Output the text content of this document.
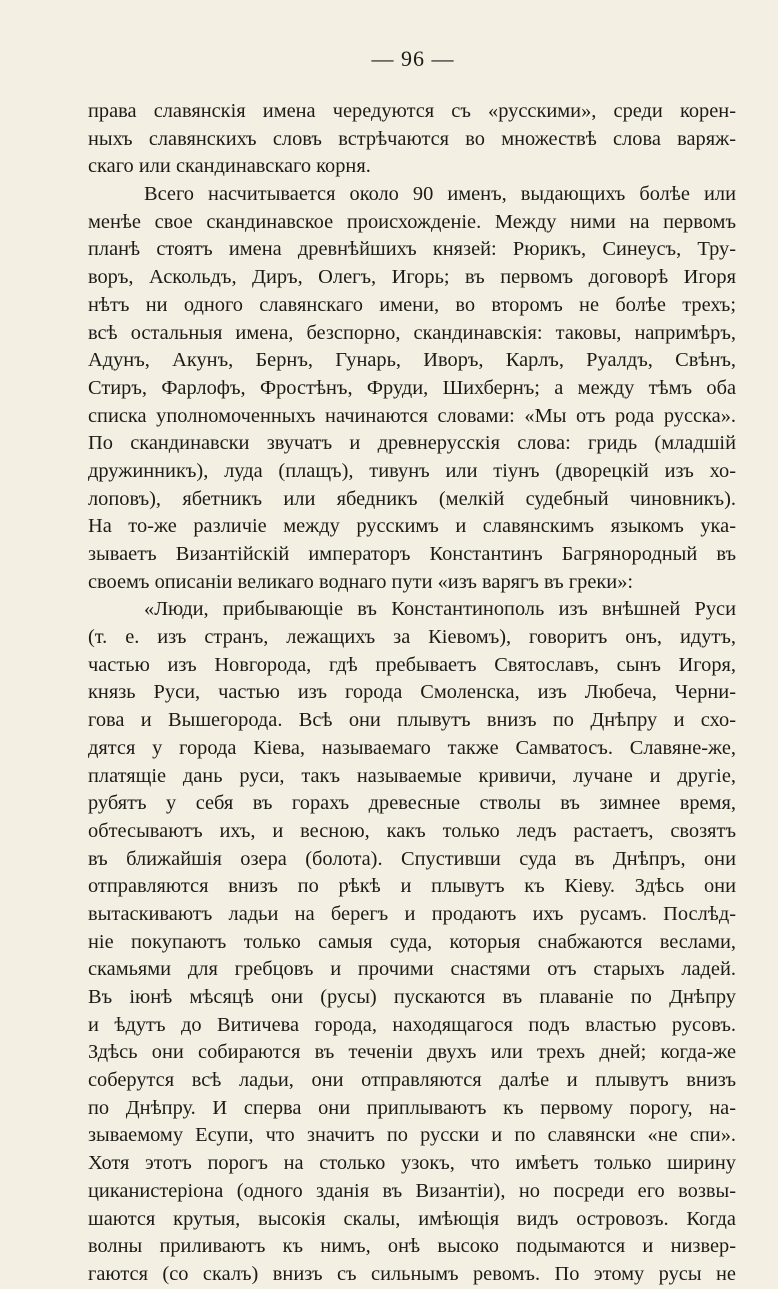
— 96 —
права славянскія имена чередуются съ «русскими», среди корен-
ныхъ славянскихъ словъ встрѣчаются во множествѣ слова варяж-
скаго или скандинавскаго корня.
Всего насчитывается около 90 именъ, выдающихъ болѣе или
менѣе свое скандинавское происхожденіе. Между ними на первомъ
планѣ стоятъ имена древнѣйшихъ князей: Рюрикъ, Синеусъ, Тру-
воръ, Аскольдъ, Диръ, Олегъ, Игорь; въ первомъ договорѣ Игоря
нѣтъ ни одного славянскаго имени, во второмъ не болѣе трехъ;
всѣ остальныя имена, безспорно, скандинавскія: таковы, напримѣръ,
Адунъ, Акунъ, Бернъ, Гунарь, Иворъ, Карлъ, Руалдъ, Свѣнъ,
Стиръ, Фарлофъ, Фростѣнъ, Фруди, Шихбернъ; а между тѣмъ оба
списка уполномоченныхъ начинаются словами: «Мы отъ рода русска».
По скандинавски звучатъ и древнерусскія слова: гридь (младшій
дружинникъ), луда (плащъ), тивунъ или тіунъ (дворецкій изъ хо-
лоповъ), ябетникъ или ябедникъ (мелкій судебный чиновникъ).
На то-же различіе между русскимъ и славянскимъ языкомъ ука-
зываетъ Византійскій императоръ Константинъ Багрянородный въ
своемъ описаніи великаго воднаго пути «изъ варягъ въ греки»:
«Люди, прибывающіе въ Константинополь изъ внѣшней Руси
(т. е. изъ странъ, лежащихъ за Кіевомъ), говоритъ онъ, идутъ,
частью изъ Новгорода, гдѣ пребываетъ Святославъ, сынъ Игоря,
князь Руси, частью изъ города Смоленска, изъ Любеча, Черни-
гова и Вышегорода. Всѣ они плывутъ внизъ по Днѣпру и схо-
дятся у города Кіева, называемаго также Самватосъ. Славяне-же,
платящіе дань руси, такъ называемые кривичи, лучане и другіе,
рубятъ у себя въ горахъ древесные стволы въ зимнее время,
обтесываютъ ихъ, и весною, какъ только ледъ растаетъ, свозятъ
въ ближайшія озера (болота). Спустивши суда въ Днѣпръ, они
отправляются внизъ по рѣкѣ и плывутъ къ Кіеву. Здѣсь они
вытаскиваютъ ладьи на берегъ и продаютъ ихъ русамъ. Послѣд-
ніе покупаютъ только самыя суда, которыя снабжаются веслами,
скамьями для гребцовъ и прочими снастями отъ старыхъ ладей.
Въ іюнѣ мѣсяцѣ они (русы) пускаются въ плаваніе по Днѣпру
и ѣдутъ до Витичева города, находящагося подъ властью русовъ.
Здѣсь они собираются въ теченіи двухъ или трехъ дней; когда-же
соберутся всѣ ладьи, они отправляются далѣе и плывутъ внизъ
по Днѣпру. И сперва они приплываютъ къ первому порогу, на-
зываемому Есупи, что значитъ по русски и по славянски «не спи».
Хотя этотъ порогъ на столько узокъ, что имѣетъ только ширину
циканистеріона (одного зданія въ Византіи), но посреди его возвы-
шаются крутыя, высокія скалы, имѣющія видъ островозъ. Когда
волны приливаютъ къ нимъ, онѣ высоко подымаются и низвер-
гаются (со скалъ) внизъ съ сильнымъ ревомъ. По этому русы не
